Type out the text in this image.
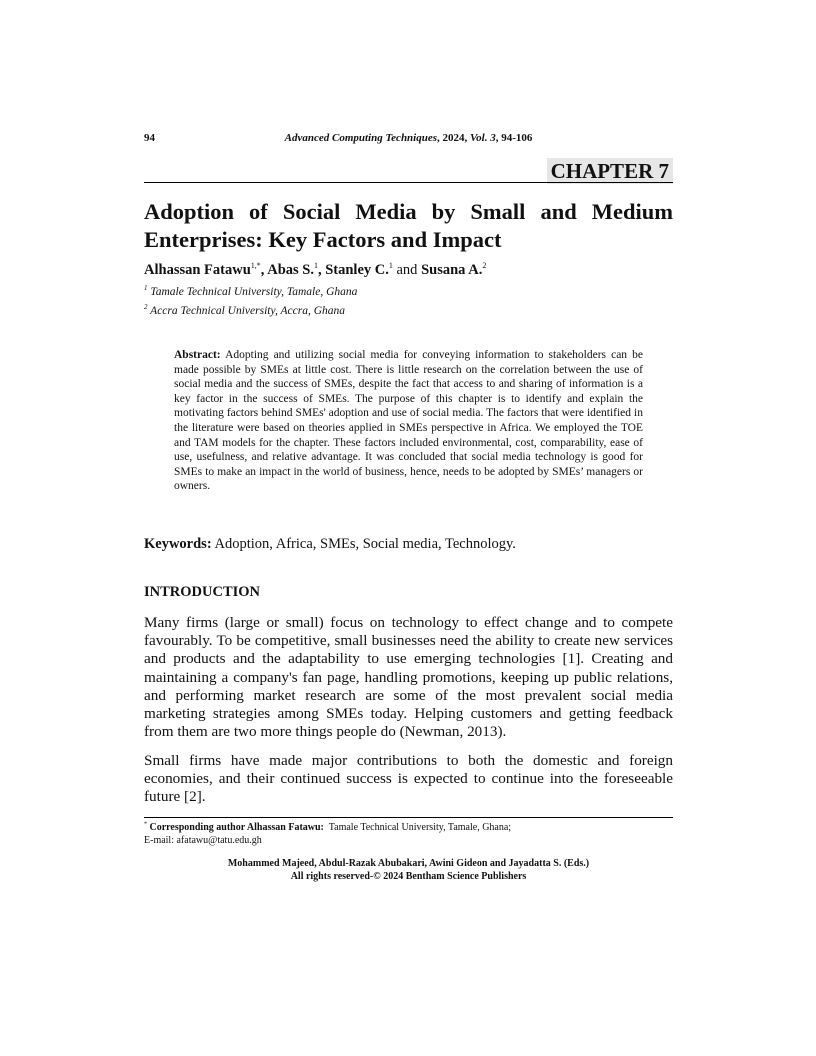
94	Advanced Computing Techniques, 2024, Vol. 3, 94-106
CHAPTER 7
Adoption of Social Media by Small and Medium Enterprises: Key Factors and Impact
Alhassan Fatawu$^{1,*}$, Abas S.$^1$, Stanley C.$^1$ and Susana A.$^2$
$^1$ Tamale Technical University, Tamale, Ghana
$^2$ Accra Technical University, Accra, Ghana

Abstract: Adopting and utilizing social media for conveying information to stakeholders can be made possible by SMEs at little cost. There is little research on the correlation between the use of social media and the success of SMEs, despite the fact that access to and sharing of information is a key factor in the success of SMEs. The purpose of this chapter is to identify and explain the motivating factors behind SMEs' adoption and use of social media. The factors that were identified in the literature were based on theories applied in SMEs perspective in Africa. We employed the TOE and TAM models for the chapter. These factors included environmental, cost, comparability, ease of use, usefulness, and relative advantage. It was concluded that social media technology is good for SMEs to make an impact in the world of business, hence, needs to be adopted by SMEs’ managers or owners.

Keywords: Adoption, Africa, SMEs, Social media, Technology.
INTRODUCTION

Many firms (large or small) focus on technology to effect change and to compete favourably. To be competitive, small businesses need the ability to create new services and products and the adaptability to use emerging technologies [1]. Creating and maintaining a company's fan page, handling promotions, keeping up public relations, and performing market research are some of the most prevalent social media marketing strategies among SMEs today. Helping customers and getting feedback from them are two more things people do (Newman, 2013).

Small firms have made major contributions to both the domestic and foreign economies, and their continued success is expected to continue into the foreseeable future [2].

* Corresponding author Alhassan Fatawu: Tamale Technical University, Tamale, Ghana;
E-mail: afatawu@tatu.edu.gh
Mohammed Majeed, Abdul-Razak Abubakari, Awini Gideon and Jayadatta S. (Eds.)
All rights reserved-© 2024 Bentham Science Publishers
